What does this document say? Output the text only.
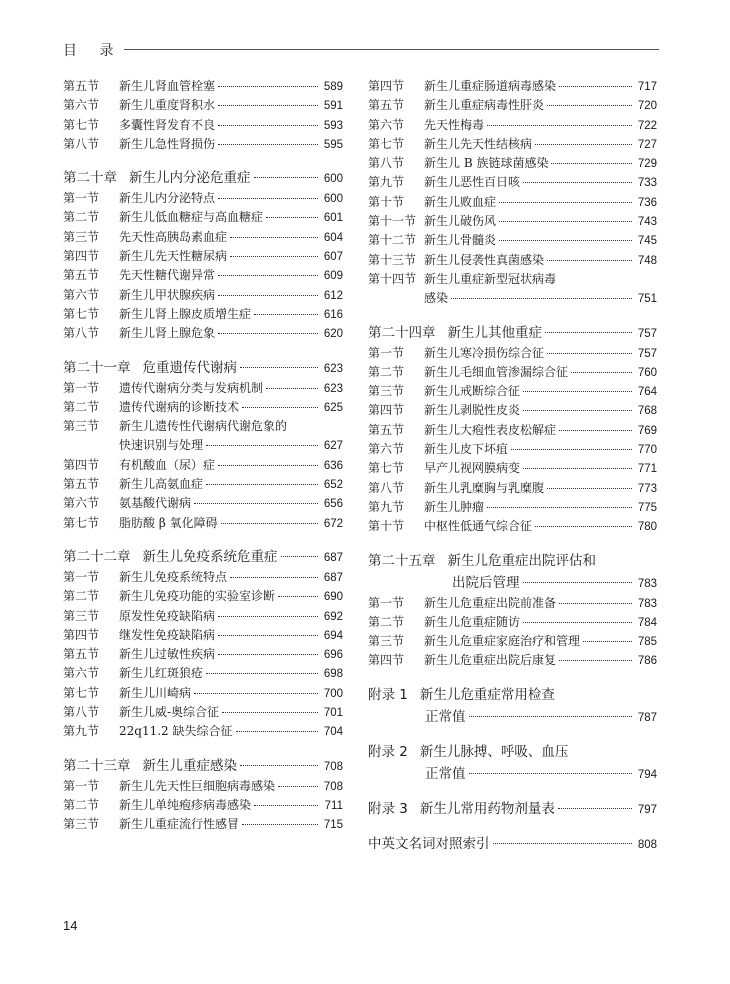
目 录
第五节	新生儿肾血管栓塞	589
第六节	新生儿重度肾积水	591
第七节	多囊性肾发育不良	593
第八节	新生儿急性肾损伤	595
第二十章 新生儿内分泌危重症	600
第一节	新生儿内分泌特点	600
第二节	新生儿低血糖症与高血糖症	601
第三节	先天性高胰岛素血症	604
第四节	新生儿先天性糖尿病	607
第五节	先天性糖代谢异常	609
第六节	新生儿甲状腺疾病	612
第七节	新生儿肾上腺皮质增生症	616
第八节	新生儿肾上腺危象	620
第二十一章 危重遗传代谢病	623
第一节	遗传代谢病分类与发病机制	623
第二节	遗传代谢病的诊断技术	625
第三节	新生儿遗传性代谢病代谢危象的
快速识别与处理	627
第四节	有机酸血（尿）症	636
第五节	新生儿高氨血症	652
第六节	氨基酸代谢病	656
第七节	脂肪酸 β 氧化障碍	672
第二十二章 新生儿免疫系统危重症	687
第一节	新生儿免疫系统特点	687
第二节	新生儿免疫功能的实验室诊断	690
第三节	原发性免疫缺陷病	692
第四节	继发性免疫缺陷病	694
第五节	新生儿过敏性疾病	696
第六节	新生儿红斑狼疮	698
第七节	新生儿川崎病	700
第八节	新生儿威-奥综合征	701
第九节	22q11.2 缺失综合征	704
第二十三章 新生儿重症感染	708
第一节	新生儿先天性巨细胞病毒感染	708
第二节	新生儿单纯疱疹病毒感染	711
第三节	新生儿重症流行性感冒	715
第四节	新生儿重症肠道病毒感染	717
第五节	新生儿重症病毒性肝炎	720
第六节	先天性梅毒	722
第七节	新生儿先天性结核病	727
第八节	新生儿 B 族链球菌感染	729
第九节	新生儿恶性百日咳	733
第十节	新生儿败血症	736
第十一节 新生儿破伤风	743
第十二节 新生儿骨髓炎	745
第十三节 新生儿侵袭性真菌感染	748
第十四节 新生儿重症新型冠状病毒
感染	751
第二十四章 新生儿其他重症	757
第一节	新生儿寒冷损伤综合征	757
第二节	新生儿毛细血管渗漏综合征	760
第三节	新生儿戒断综合征	764
第四节	新生儿剥脱性皮炎	768
第五节	新生儿大疱性表皮松解症	769
第六节	新生儿皮下坏疽	770
第七节	早产儿视网膜病变	771
第八节	新生儿乳糜胸与乳糜腹	773
第九节	新生儿肿瘤	775
第十节	中枢性低通气综合征	780
第二十五章 新生儿危重症出院评估和
出院后管理	783
第一节	新生儿危重症出院前准备	783
第二节	新生儿危重症随访	784
第三节	新生儿危重症家庭治疗和管理	785
第四节	新生儿危重症出院后康复	786
附录 1 新生儿危重症常用检查
正常值	787
附录 2 新生儿脉搏、呼吸、血压
正常值	794
附录 3 新生儿常用药物剂量表	797
中英文名词对照索引	808
14
